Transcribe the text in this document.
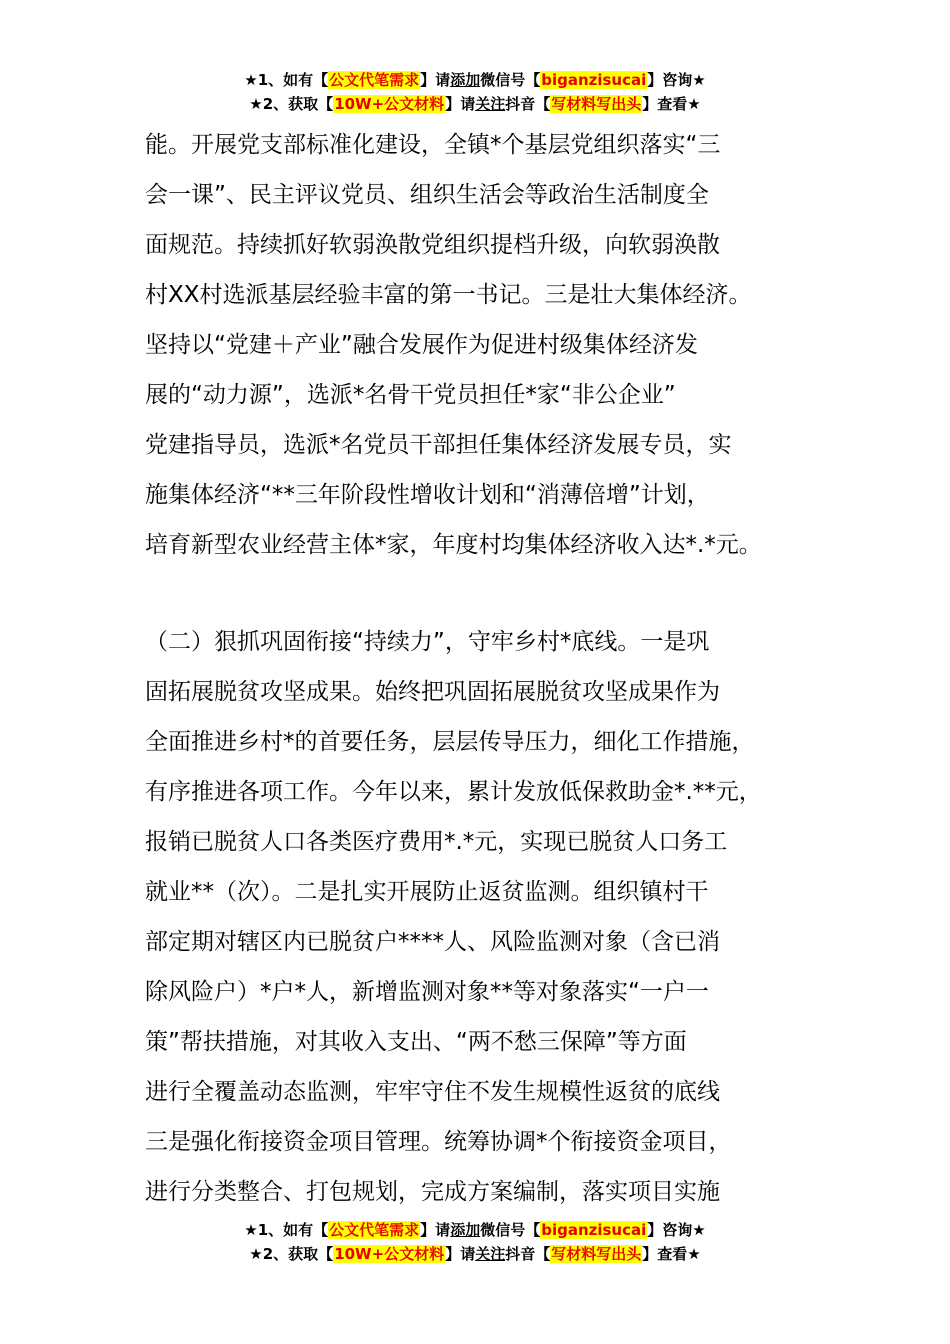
★1、如有【公文代笔需求】请添加微信号【biganzisucai】咨询★
★2、获取【10W+公文材料】请关注抖音【写材料写出头】查看★
能。开展党支部标准化建设，全镇*个基层党组织落实“三
会一课”、民主评议党员、组织生活会等政治生活制度全
面规范。持续抓好软弱涣散党组织提档升级，向软弱涣散
村XX村选派基层经验丰富的第一书记。三是壮大集体经济。
坚持以“党建＋产业”融合发展作为促进村级集体经济发
展的“动力源”，选派*名骨干党员担任*家“非公企业”
党建指导员，选派*名党员干部担任集体经济发展专员，实
施集体经济“**三年阶段性增收计划和“消薄倍增”计划，
培育新型农业经营主体*家，年度村均集体经济收入达*.*元。
（二）狠抓巩固衔接“持续力”，守牢乡村*底线。一是巩
固拓展脱贫攻坚成果。始终把巩固拓展脱贫攻坚成果作为
全面推进乡村*的首要任务，层层传导压力，细化工作措施，
有序推进各项工作。今年以来，累计发放低保救助金*.**元，
报销已脱贫人口各类医疗费用*.*元，实现已脱贫人口务工
就业**（次）。二是扎实开展防止返贫监测。组织镇村干
部定期对辖区内已脱贫户****人、风险监测对象（含已消
除风险户）*户*人，新增监测对象**等对象落实“一户一
策”帮扶措施，对其收入支出、“两不愁三保障”等方面
进行全覆盖动态监测，牢牢守住不发生规模性返贫的底线
三是强化衔接资金项目管理。统筹协调*个衔接资金项目，
进行分类整合、打包规划，完成方案编制，落实项目实施
★1、如有【公文代笔需求】请添加微信号【biganzisucai】咨询★
★2、获取【10W+公文材料】请关注抖音【写材料写出头】查看★
